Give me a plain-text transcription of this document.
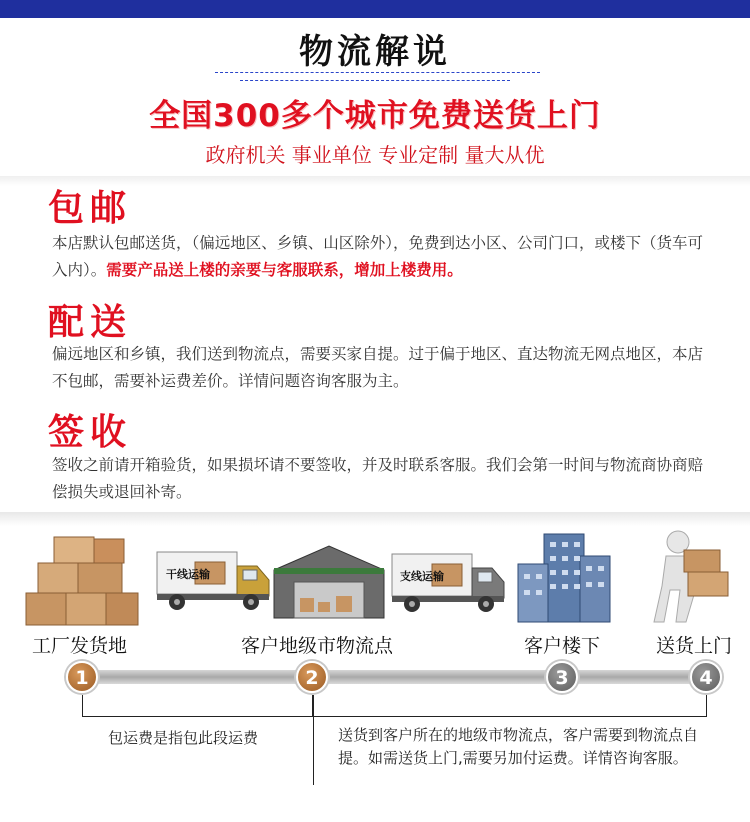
物流解说
全国300多个城市免费送货上门
政府机关 事业单位 专业定制 量大从优
包邮
本店默认包邮送货，（偏远地区、乡镇、山区除外），免费到达小区、公司门口，或楼下（货车可入内）。需要产品送上楼的亲要与客服联系，增加上楼费用。
配送
偏远地区和乡镇，我们送到物流点，需要买家自提。过于偏于地区、直达物流无网点地区，本店不包邮，需要补运费差价。详情问题咨询客服为主。
签收
签收之前请开箱验货，如果损坏请不要签收，并及时联系客服。我们会第一时间与物流商协商赔偿损失或退回补寄。
干线运输	支线运输
工厂发货地	客户地级市物流点	客户楼下	送货上门
1	2	3	4
包运费是指包此段运费	送货到客户所在的地级市物流点，客户需要到物流点自提。如需送货上门,需要另加付运费。详情咨询客服。
